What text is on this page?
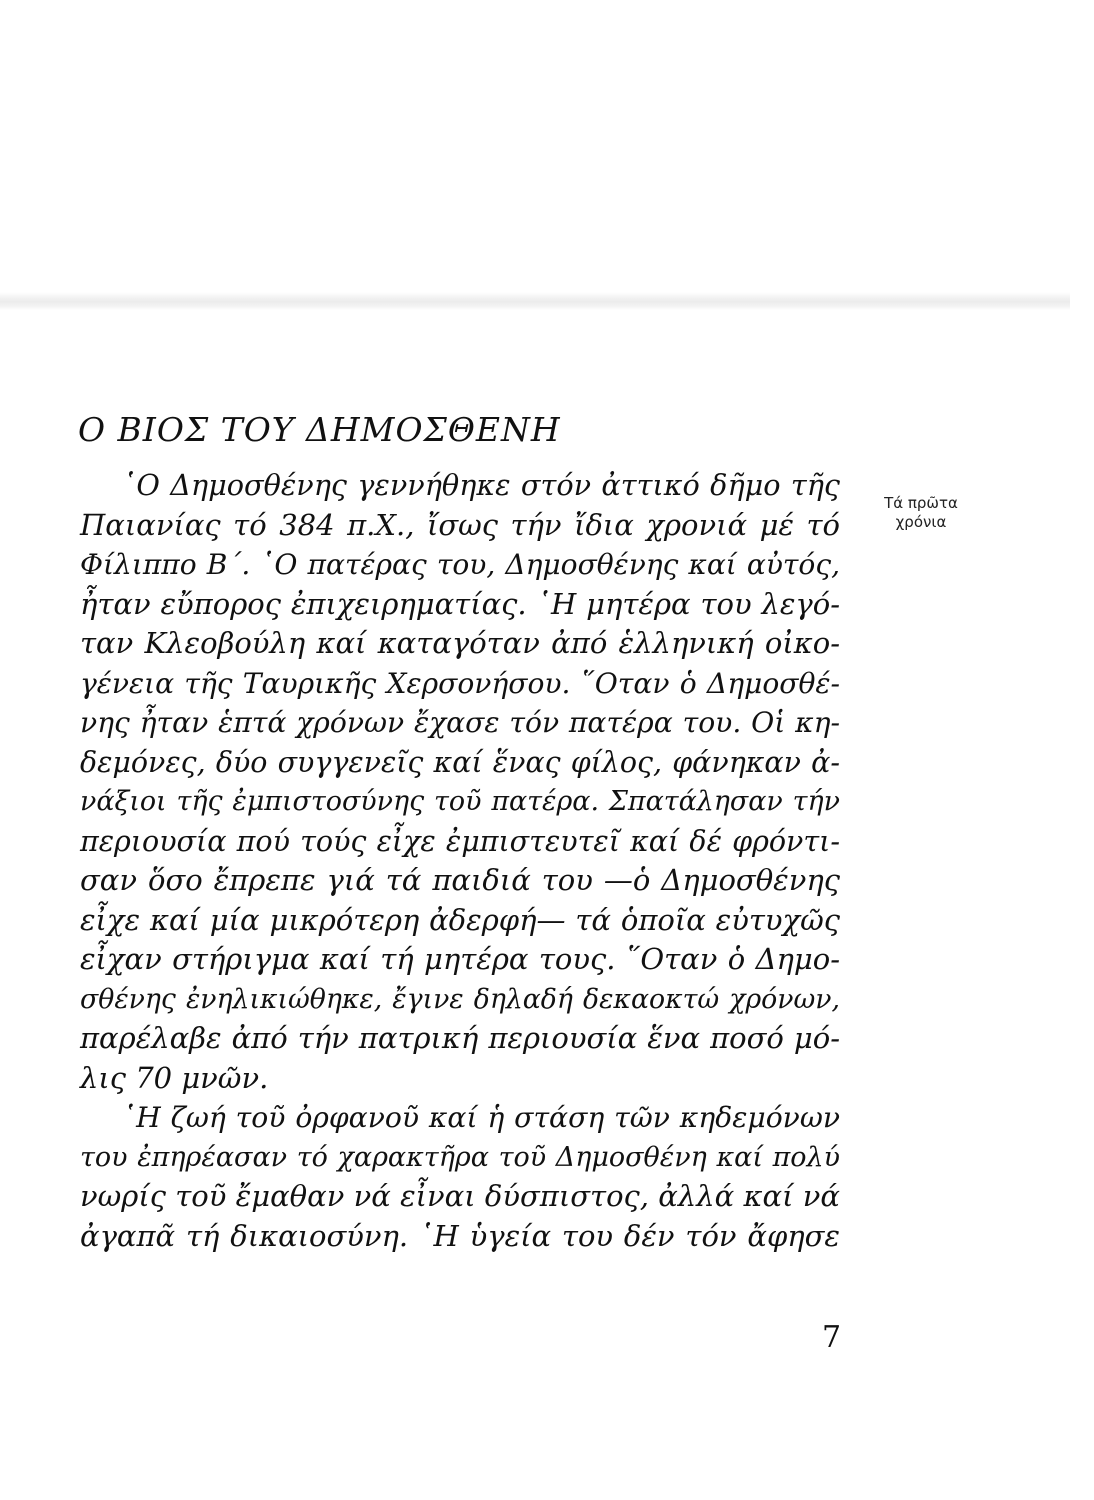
Ο ΒΙΟΣ ΤΟΥ ΔΗΜΟΣΘΕΝΗ
Τά πρῶτα
χρόνια
῾Ο Δημοσθένης γεννήθηκε στόν ἀττικό δῆμο τῆς
Παιανίας τό 384 π.Χ., ἴσως τήν ἴδια χρονιά μέ τό
Φίλιππο Β΄. ῾Ο πατέρας του, Δημοσθένης καί αὐτός,
ἦταν εὔπορος ἐπιχειρηματίας. ῾Η μητέρα του λεγό-
ταν Κλεοβούλη καί καταγόταν ἀπό ἑλληνική οἰκο-
γένεια τῆς Ταυρικῆς Χερσονήσου. ῞Οταν ὁ Δημοσθέ-
νης ἦταν ἑπτά χρόνων ἔχασε τόν πατέρα του. Οἱ κη-
δεμόνες, δύο συγγενεῖς καί ἕνας φίλος, φάνηκαν ἀ-
νάξιοι τῆς ἐμπιστοσύνης τοῦ πατέρα. Σπατάλησαν τήν
περιουσία πού τούς εἶχε ἐμπιστευτεῖ καί δέ φρόντι-
σαν ὅσο ἔπρεπε γιά τά παιδιά του —ὁ Δημοσθένης
εἶχε καί μία μικρότερη ἀδερφή— τά ὁποῖα εὐτυχῶς
εἶχαν στήριγμα καί τή μητέρα τους. ῞Οταν ὁ Δημο-
σθένης ἐνηλικιώθηκε, ἔγινε δηλαδή δεκαοκτώ χρόνων,
παρέλαβε ἀπό τήν πατρική περιουσία ἕνα ποσό μό-
λις 70 μνῶν.
῾Η ζωή τοῦ ὀρφανοῦ καί ἡ στάση τῶν κηδεμόνων
του ἐπηρέασαν τό χαρακτῆρα τοῦ Δημοσθένη καί πολύ
νωρίς τοῦ ἔμαθαν νά εἶναι δύσπιστος, ἀλλά καί νά
ἀγαπᾶ τή δικαιοσύνη. ῾Η ὑγεία του δέν τόν ἄφησε
7
